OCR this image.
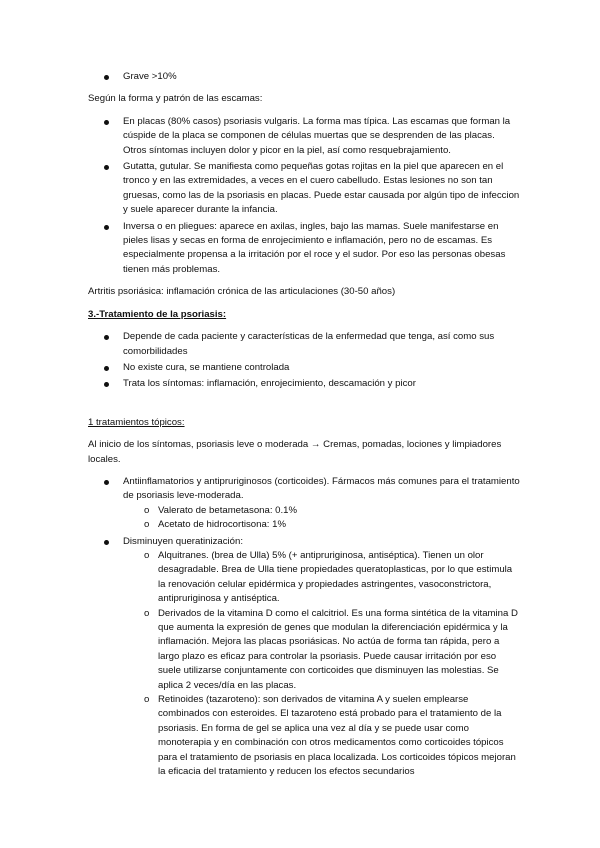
Grave >10%

Según la forma y patrón de las escamas:

En placas (80% casos) psoriasis vulgaris. La forma mas típica. Las escamas que forman la cúspide de la placa se componen de células muertas que se desprenden de las placas. Otros síntomas incluyen dolor y picor en la piel, así como resquebrajamiento.
Gutatta, gutular. Se manifiesta como pequeñas gotas rojitas en la piel que aparecen en el tronco y en las extremidades, a veces en el cuero cabelludo. Estas lesiones no son tan gruesas, como las de la psoriasis en placas. Puede estar causada por algún tipo de infeccion y suele aparecer durante la infancia.
Inversa o en pliegues: aparece en axilas, ingles, bajo las mamas. Suele manifestarse en pieles lisas y secas en forma de enrojecimiento e inflamación, pero no de escamas. Es especialmente propensa a la irritación por el roce y el sudor. Por eso las personas obesas tienen más problemas.

Artritis psoriásica: inflamación crónica de las articulaciones (30-50 años)

3.-Tratamiento de la psoriasis:

Depende de cada paciente y características de la enfermedad que tenga, así como sus comorbilidades
No existe cura, se mantiene controlada
Trata los síntomas: inflamación, enrojecimiento, descamación y picor

1 tratamientos tópicos:

Al inicio de los síntomas, psoriasis leve o moderada → Cremas, pomadas, lociones y limpiadores locales.

Antiinflamatorios y antipruriginosos (corticoides). Fármacos más comunes para el tratamiento de psoriasis leve-moderada.
o Valerato de betametasona: 0.1%
o Acetato de hidrocortisona: 1%
Disminuyen queratinización:
o Alquitranes. (brea de Ulla) 5% (+ antipruriginosa, antiséptica). Tienen un olor desagradable. Brea de Ulla tiene propiedades queratoplasticas, por lo que estimula la renovación celular epidérmica y propiedades astringentes, vasoconstrictora, antipruriginosa y antiséptica.
o Derivados de la vitamina D como el calcitriol. Es una forma sintética de la vitamina D que aumenta la expresión de genes que modulan la diferenciación epidérmica y la inflamación. Mejora las placas psoriásicas. No actúa de forma tan rápida, pero a largo plazo es eficaz para controlar la psoriasis. Puede causar irritación por eso suele utilizarse conjuntamente con corticoides que disminuyen las molestias. Se aplica 2 veces/día en las placas.
o Retinoides (tazaroteno): son derivados de vitamina A y suelen emplearse combinados con esteroides. El tazaroteno está probado para el tratamiento de la psoriasis. En forma de gel se aplica una vez al día y se puede usar como monoterapia y en combinación con otros medicamentos como corticoides tópicos para el tratamiento de psoriasis en placa localizada. Los corticoides tópicos mejoran la eficacia del tratamiento y reducen los efectos secundarios
